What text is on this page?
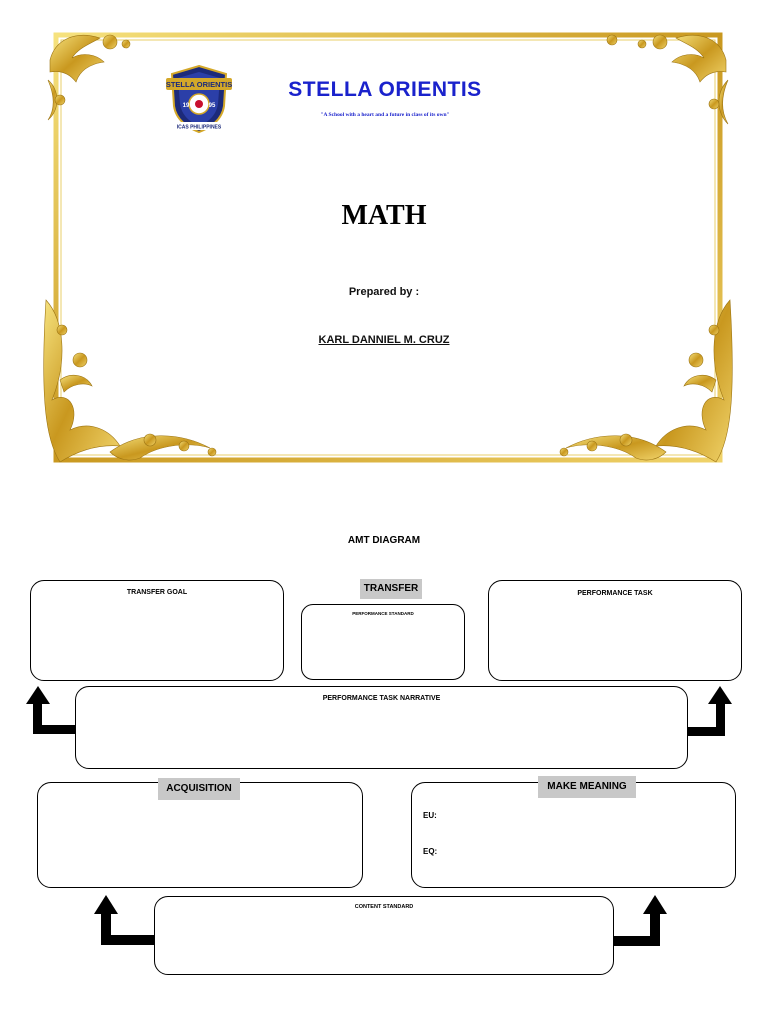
STELLA ORIENTIS
19	95
ICAS PHILIPPINES
STELLA ORIENTIS
"A School with a heart and a future in class of its own"
MATH
Prepared by :
KARL DANNIEL M. CRUZ
AMT DIAGRAM
TRANSFER GOAL	TRANSFER
PERFORMANCE STANDARD
PERFORMANCE TASK
PERFORMANCE TASK NARRATIVE
ACQUISITION
EU:
EQ:
MAKE MEANING
CONTENT STANDARD
